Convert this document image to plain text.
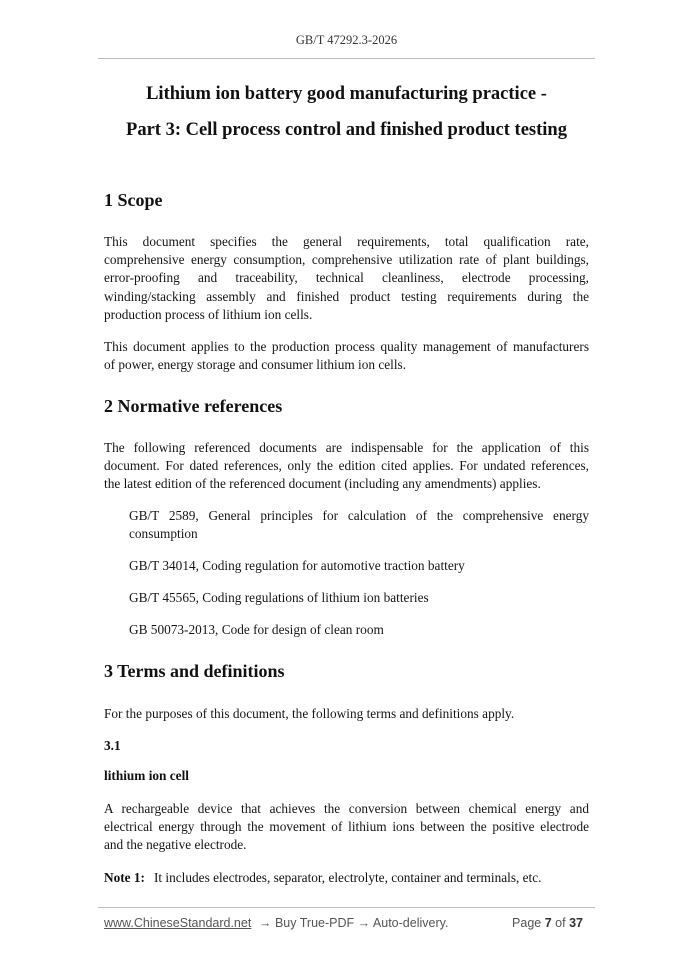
GB/T 47292.3-2026
Lithium ion battery good manufacturing practice -
Part 3: Cell process control and finished product testing
1 Scope
This document specifies the general requirements, total qualification rate,
comprehensive energy consumption, comprehensive utilization rate of plant buildings,
error-proofing and traceability, technical cleanliness, electrode processing,
winding/stacking assembly and finished product testing requirements during the
production process of lithium ion cells.
This document applies to the production process quality management of manufacturers
of power, energy storage and consumer lithium ion cells.
2 Normative references
The following referenced documents are indispensable for the application of this
document. For dated references, only the edition cited applies. For undated references,
the latest edition of the referenced document (including any amendments) applies.
GB/T 2589, General principles for calculation of the comprehensive energy
consumption
GB/T 34014, Coding regulation for automotive traction battery
GB/T 45565, Coding regulations of lithium ion batteries
GB 50073-2013, Code for design of clean room
3 Terms and definitions
For the purposes of this document, the following terms and definitions apply.
3.1
lithium ion cell
A rechargeable device that achieves the conversion between chemical energy and
electrical energy through the movement of lithium ions between the positive electrode
and the negative electrode.
Note 1: It includes electrodes, separator, electrolyte, container and terminals, etc.
www.ChineseStandard.net → Buy True-PDF → Auto-delivery.	Page 7 of 37
